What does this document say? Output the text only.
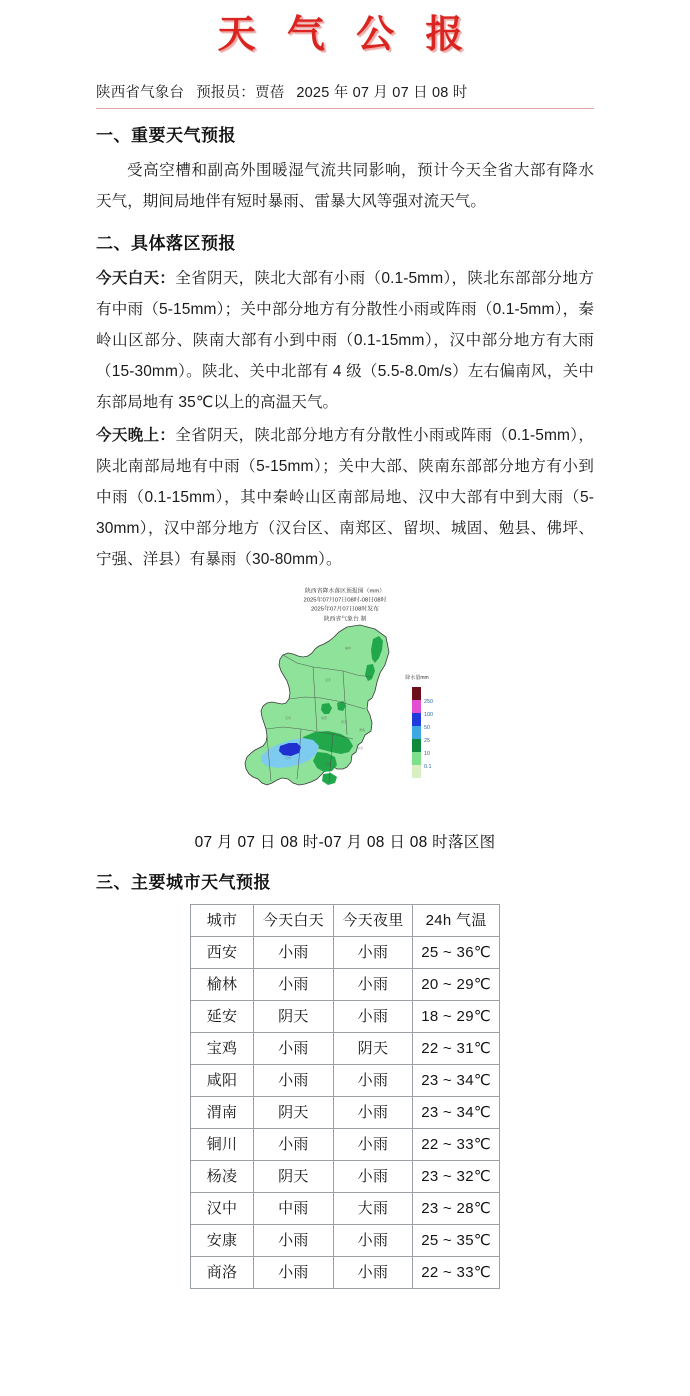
天 气 公 报
陕西省气象台 预报员：贾蓓 2025 年 07 月 07 日 08 时
一、重要天气预报

受高空槽和副高外围暖湿气流共同影响，预计今天全省大部有降水天气，期间局地伴有短时暴雨、雷暴大风等强对流天气。

二、具体落区预报

今天白天：全省阴天，陕北大部有小雨（0.1-5mm），陕北东部部分地方有中雨（5-15mm）；关中部分地方有分散性小雨或阵雨（0.1-5mm），秦岭山区部分、陕南大部有小到中雨（0.1-15mm），汉中部分地方有大雨（15-30mm）。陕北、关中北部有 4 级（5.5-8.0m/s）左右偏南风，关中东部局地有 35℃以上的高温天气。

今天晚上：全省阴天，陕北部分地方有分散性小雨或阵雨（0.1-5mm），陕北南部局地有中雨（5-15mm）；关中大部、陕南东部部分地方有小到中雨（0.1-15mm），其中秦岭山区南部局地、汉中大部有中到大雨（5-30mm），汉中部分地方（汉台区、南郑区、留坝、城固、勉县、佛坪、宁强、洋县）有暴雨（30-80mm）。

陕西省降水落区预报图（mm）
2025年07月07日08时-08日08时
2025年07月07日08时发布
陕西省气象台 制
榆林
延安
宝鸡	咸阳
西安
渭南
汉中
安康
商洛
降水量mm
250
100
50
25
10
0.1
07 月 07 日 08 时-07 月 08 日 08 时落区图
三、主要城市天气预报
城市	今天白天	今天夜里	24h 气温
西安	小雨	小雨	25 ~ 36℃
榆林	小雨	小雨	20 ~ 29℃
延安	阴天	小雨	18 ~ 29℃
宝鸡	小雨	阴天	22 ~ 31℃
咸阳	小雨	小雨	23 ~ 34℃
渭南	阴天	小雨	23 ~ 34℃
铜川	小雨	小雨	22 ~ 33℃
杨凌	阴天	小雨	23 ~ 32℃
汉中	中雨	大雨	23 ~ 28℃
安康	小雨	小雨	25 ~ 35℃
商洛	小雨	小雨	22 ~ 33℃
